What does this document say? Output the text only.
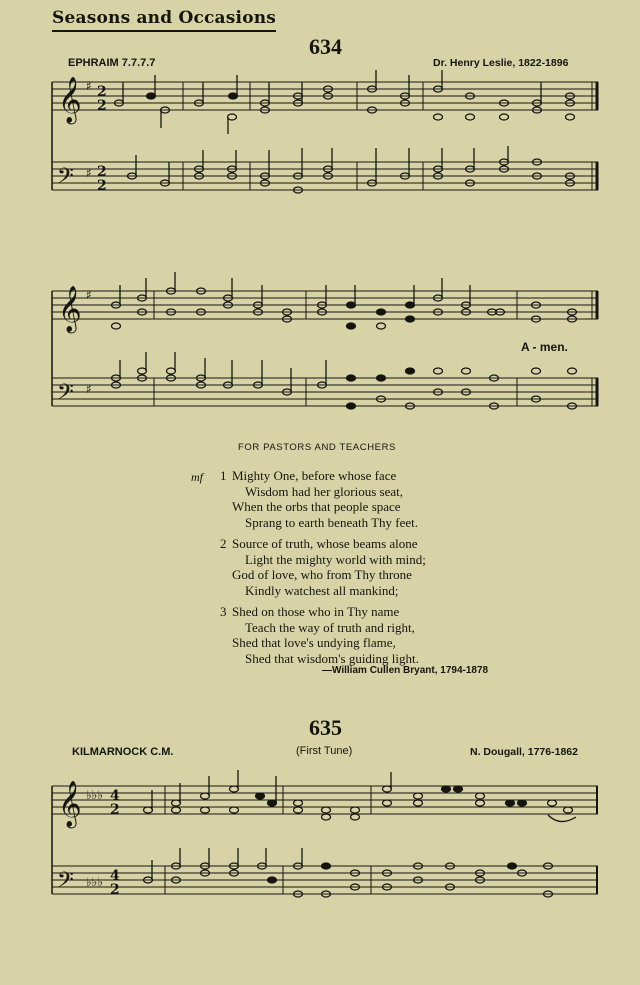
Seasons and Occasions
634
EPHRAIM 7.7.7.7	Dr. Henry Leslie, 1822-1896
𝄞 ♯ 2
2
𝄢 ♯ 2
2
𝄞 ♯
𝄢 ♯
𝄞 ♭♭♭ 4
2
𝄢 ♭♭♭ 4
2
A - men.
FOR PASTORS AND TEACHERS
mf 1 Mighty One, before whose face
Wisdom had her glorious seat,
When the orbs that people space
Sprang to earth beneath Thy feet.
2 Source of truth, whose beams alone
Light the mighty world with mind;
God of love, who from Thy throne
Kindly watchest all mankind;
3 Shed on those who in Thy name
Teach the way of truth and right,
Shed that love's undying flame,
Shed that wisdom's guiding light.
—William Cullen Bryant, 1794-1878
635
KILMARNOCK C.M.	(First Tune)	N. Dougall, 1776-1862
